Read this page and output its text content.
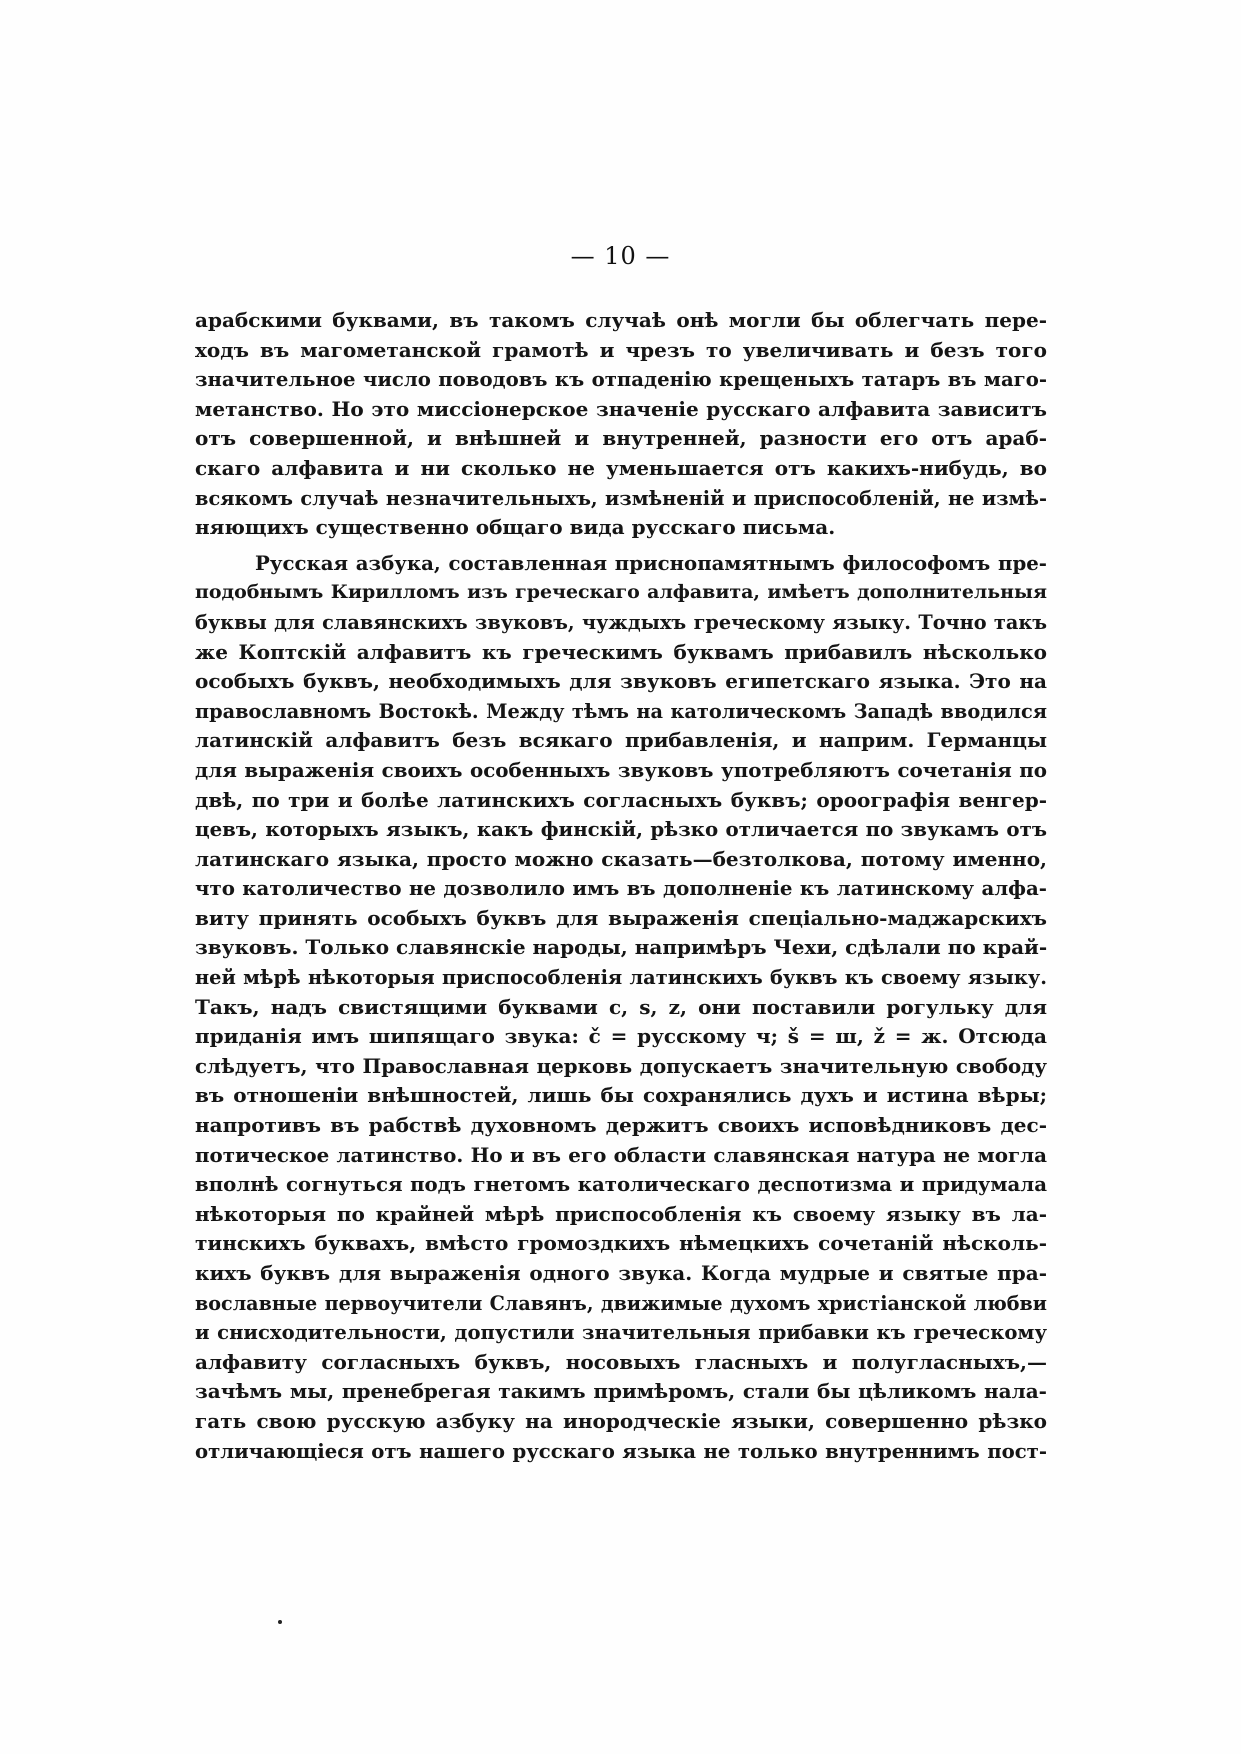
— 10 —
арабскими буквами, въ такомъ случаѣ онѣ могли бы облегчать пере-
ходъ въ магометанской грамотѣ и чрезъ то увеличивать и безъ того
значительное число поводовъ къ отпаденію крещеныхъ татаръ въ маго-
метанство. Но это миссіонерское значеніе русскаго алфавита зависитъ
отъ совершенной, и внѣшней и внутренней, разности его отъ араб-
скаго алфавита и ни сколько не уменьшается отъ какихъ-нибудь, во
всякомъ случаѣ незначительныхъ, измѣненій и приспособленій, не измѣ-
няющихъ существенно общаго вида русскаго письма.
Русская азбука, составленная приснопамятнымъ философомъ пре-
подобнымъ Кирилломъ изъ греческаго алфавита, имѣетъ дополнительныя
буквы для славянскихъ звуковъ, чуждыхъ греческому языку. Точно такъ
же Коптскій алфавитъ къ греческимъ буквамъ прибавилъ нѣсколько
особыхъ буквъ, необходимыхъ для звуковъ египетскаго языка. Это на
православномъ Востокѣ. Между тѣмъ на католическомъ Западѣ вводился
латинскій алфавитъ безъ всякаго прибавленія, и наприм. Германцы
для выраженія своихъ особенныхъ звуковъ употребляютъ сочетанія по
двѣ, по три и болѣе латинскихъ согласныхъ буквъ; ороографія венгер-
цевъ, которыхъ языкъ, какъ финскій, рѣзко отличается по звукамъ отъ
латинскаго языка, просто можно сказать—безтолкова, потому именно,
что католичество не дозволило имъ въ дополненіе къ латинскому алфа-
виту принять особыхъ буквъ для выраженія спеціально-маджарскихъ
звуковъ. Только славянскіе народы, напримѣръ Чехи, сдѣлали по край-
ней мѣрѣ нѣкоторыя приспособленія латинскихъ буквъ къ своему языку.
Такъ, надъ свистящими буквами c, s, z, они поставили рогульку для
приданія имъ шипящаго звука: č = русскому ч; š = ш, ž = ж. Отсюда
слѣдуетъ, что Православная церковь допускаетъ значительную свободу
въ отношеніи внѣшностей, лишь бы сохранялись духъ и истина вѣры;
напротивъ въ рабствѣ духовномъ держитъ своихъ исповѣдниковъ дес-
потическое латинство. Но и въ его области славянская натура не могла
вполнѣ согнуться подъ гнетомъ католическаго деспотизма и придумала
нѣкоторыя по крайней мѣрѣ приспособленія къ своему языку въ ла-
тинскихъ буквахъ, вмѣсто громоздкихъ нѣмецкихъ сочетаній нѣсколь-
кихъ буквъ для выраженія одного звука. Когда мудрые и святые пра-
вославные первоучители Славянъ, движимые духомъ христіанской любви
и снисходительности, допустили значительныя прибавки къ греческому
алфавиту согласныхъ буквъ, носовыхъ гласныхъ и полугласныхъ,—
зачѣмъ мы, пренебрегая такимъ примѣромъ, стали бы цѣликомъ нала-
гать свою русскую азбуку на инородческіе языки, совершенно рѣзко
отличающіеся отъ нашего русскаго языка не только внутреннимъ пост-
